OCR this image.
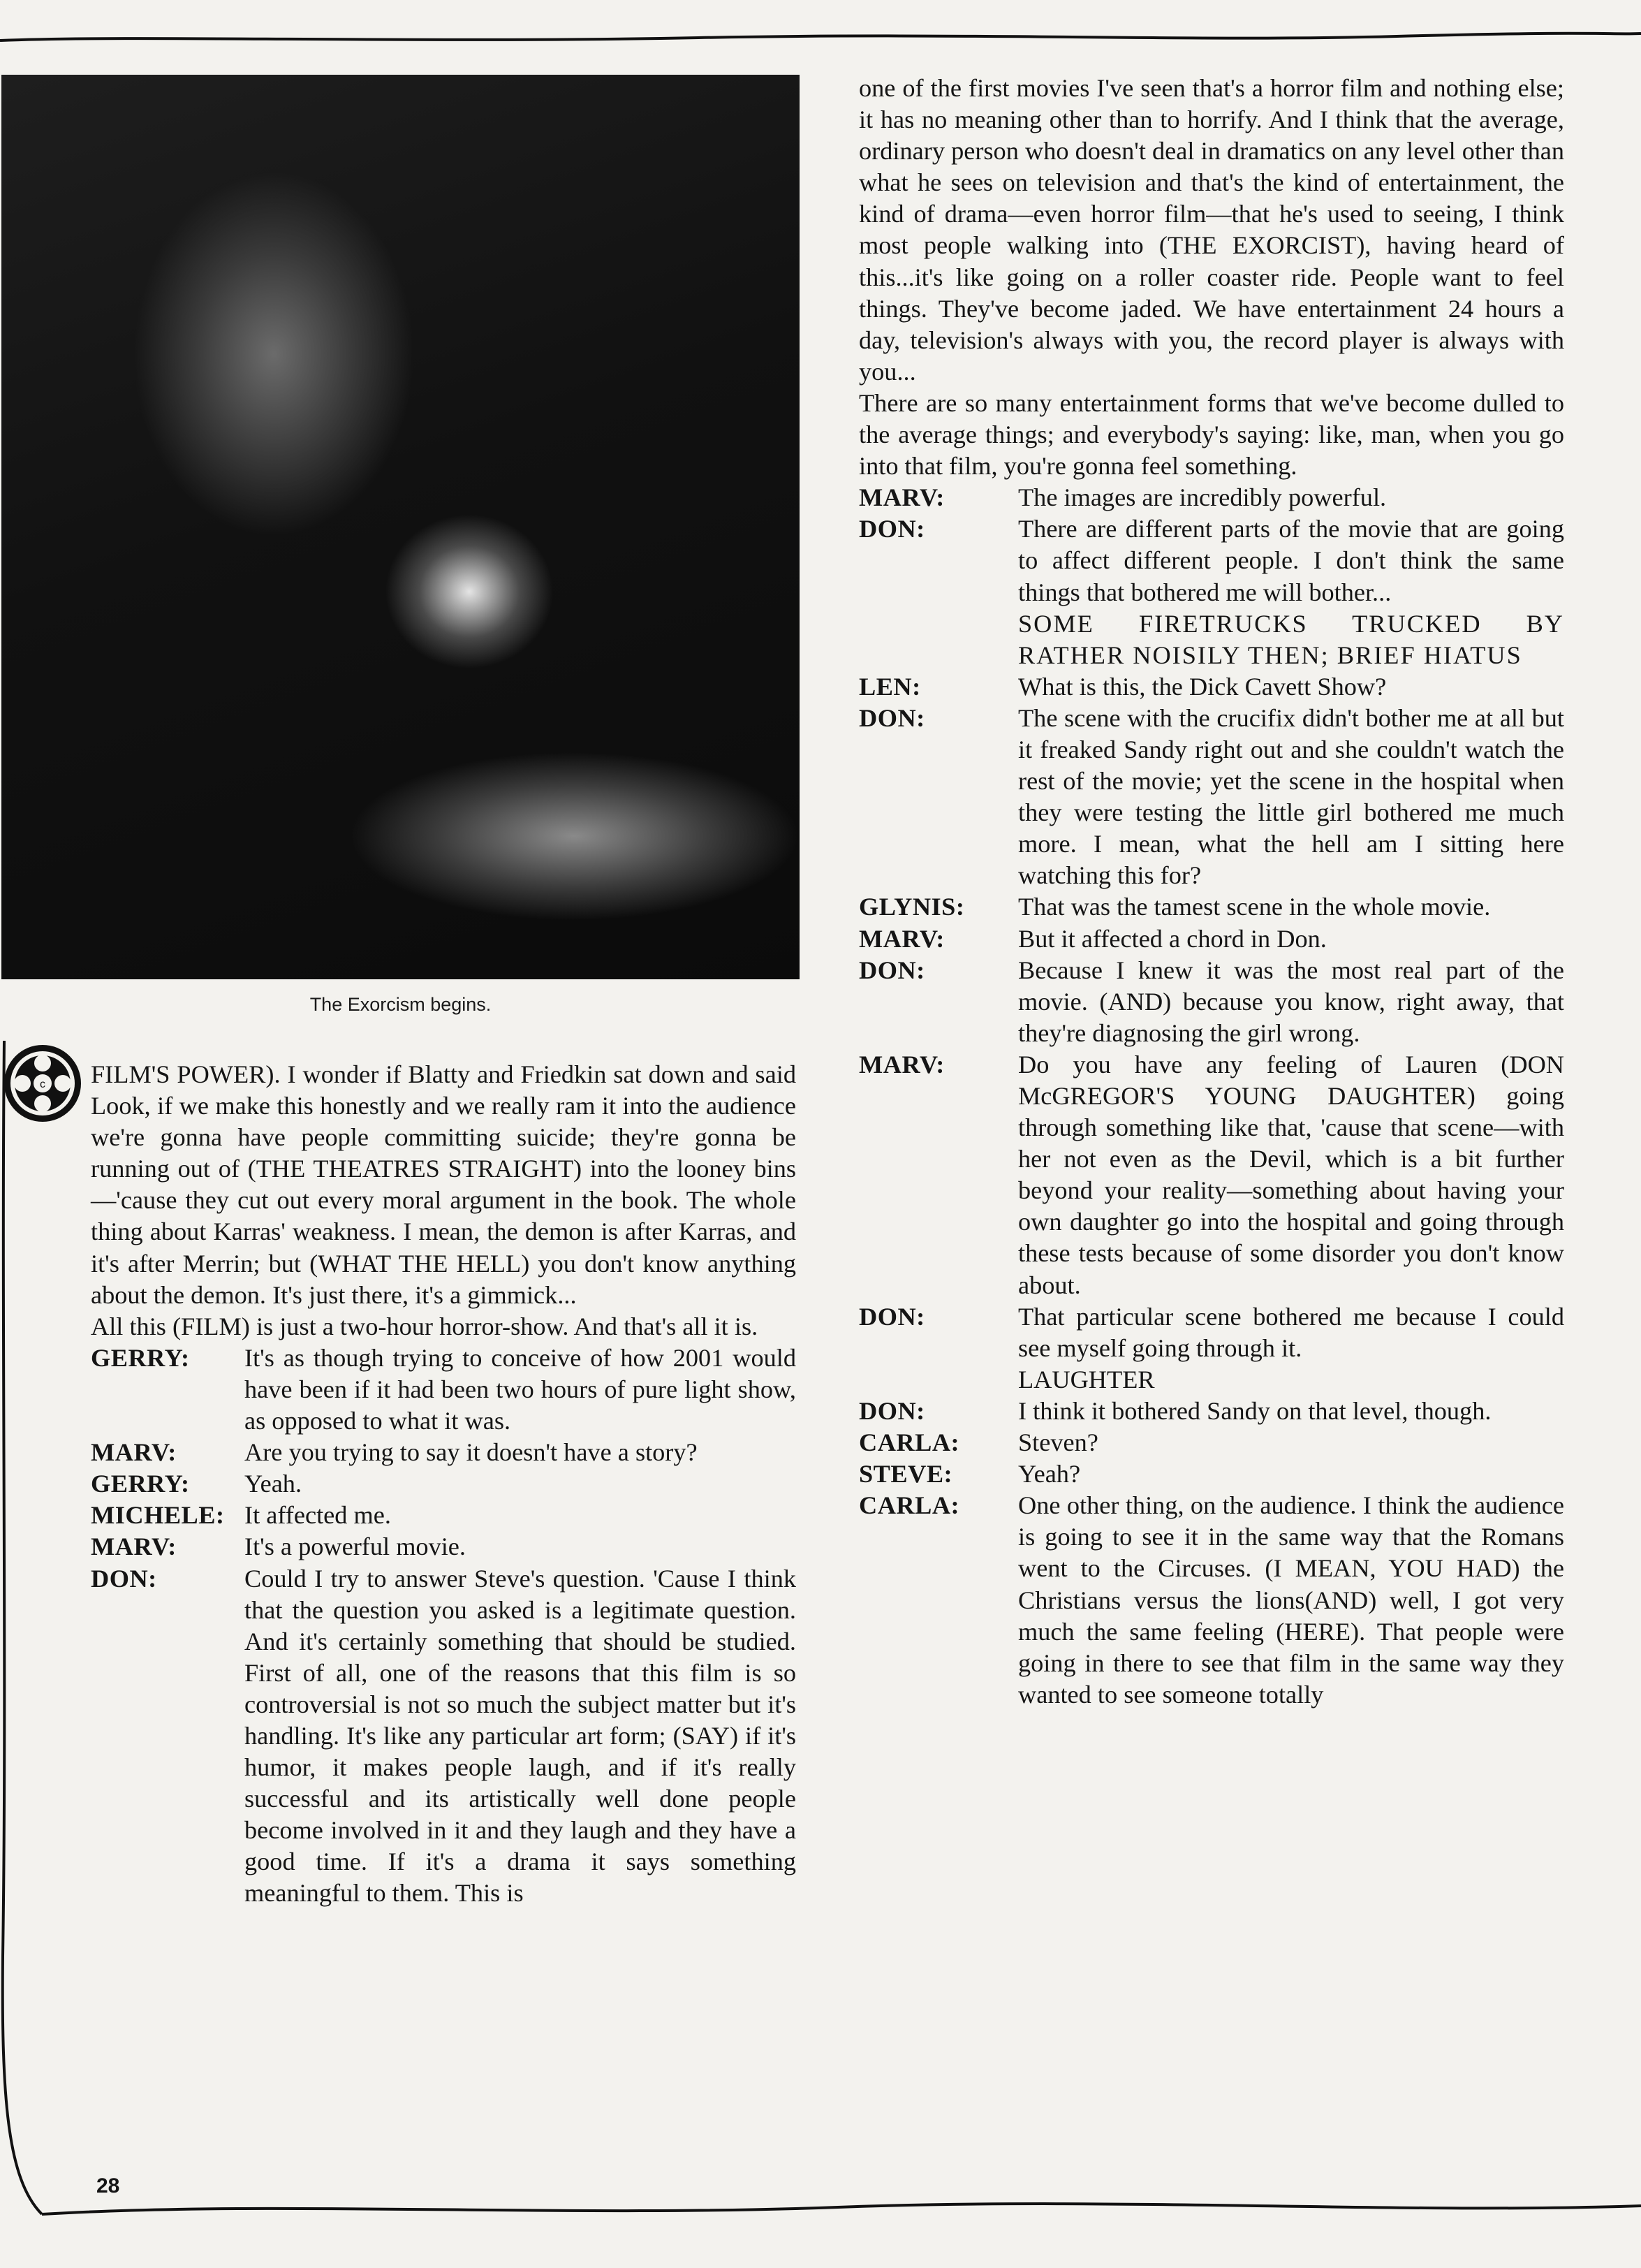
The Exorcism begins.
c FILM'S POWER). I wonder if Blatty and Friedkin sat down and said Look, if we make this honestly and we really ram it into the audience we're gonna have people committing suicide; they're gonna be running out of (THE THEATRES STRAIGHT) into the looney bins—'cause they cut out every moral argument in the book. The whole thing about Karras' weakness. I mean, the demon is after Karras, and it's after Merrin; but (WHAT THE HELL) you don't know anything about the demon. It's just there, it's a gimmick...

All this (FILM) is just a two-hour horror-show. And that's all it is.

GERRY:	It's as though trying to conceive of how 2001 would have been if it had been two hours of pure light show, as opposed to what it was.
MARV:	Are you trying to say it doesn't have a story?
GERRY:	Yeah.
MICHELE: It affected me.
MARV:	It's a powerful movie.
DON:	Could I try to answer Steve's question. 'Cause I think that the question you asked is a legitimate question. And it's certainly something that should be studied. First of all, one of the reasons that this film is so controversial is not so much the subject matter but it's handling. It's like any particular art form; (SAY) if it's humor, it makes people laugh, and if it's really successful and its artistically well done people become involved in it and they laugh and they have a good time. If it's a drama it says something meaningful to them. This is

one of the first movies I've seen that's a horror film and nothing else; it has no meaning other than to horrify. And I think that the average, ordinary person who doesn't deal in dramatics on any level other than what he sees on television and that's the kind of entertainment, the kind of drama—even horror film—that he's used to seeing, I think most people walking into (THE EXORCIST), having heard of this...it's like going on a roller coaster ride. People want to feel things. They've become jaded. We have entertainment 24 hours a day, television's always with you, the record player is always with you...

There are so many entertainment forms that we've become dulled to the average things; and everybody's saying: like, man, when you go into that film, you're gonna feel something.

MARV:	The images are incredibly powerful.
DON:	There are different parts of the movie that are going to affect different people. I don't think the same things that bothered me will bother...
SOME FIRETRUCKS TRUCKED BY RATHER NOISILY THEN; BRIEF HIATUS
LEN:	What is this, the Dick Cavett Show?
DON:	The scene with the crucifix didn't bother me at all but it freaked Sandy right out and she couldn't watch the rest of the movie; yet the scene in the hospital when they were testing the little girl bothered me much more. I mean, what the hell am I sitting here watching this for?
GLYNIS:	That was the tamest scene in the whole movie.
MARV:	But it affected a chord in Don.
DON:	Because I knew it was the most real part of the movie. (AND) because you know, right away, that they're diagnosing the girl wrong.
MARV:	Do you have any feeling of Lauren (DON McGREGOR'S YOUNG DAUGHTER) going through something like that, 'cause that scene—with her not even as the Devil, which is a bit further beyond your reality—something about having your own daughter go into the hospital and going through these tests because of some disorder you don't know about.
DON:	That particular scene bothered me because I could see myself going through it.
LAUGHTER
DON:	I think it bothered Sandy on that level, though.
CARLA:	Steven?
STEVE:	Yeah?
CARLA:	One other thing, on the audience. I think the audience is going to see it in the same way that the Romans went to the Circuses. (I MEAN, YOU HAD) the Christians versus the lions(AND) well, I got very much the same feeling (HERE). That people were going in there to see that film in the same way they wanted to see someone totally
28
